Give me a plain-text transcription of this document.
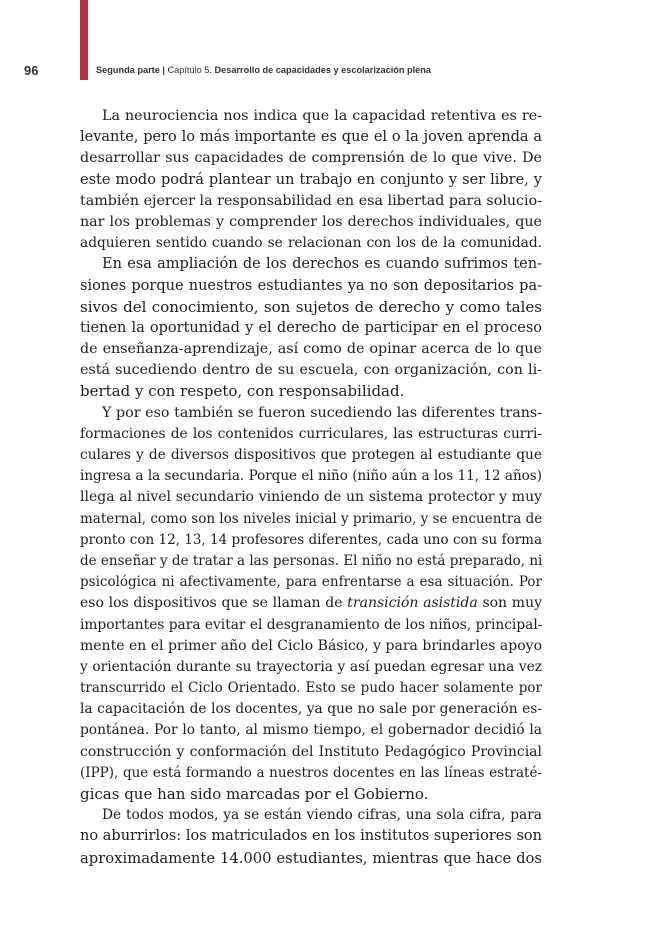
96	Segunda parte | Capítulo 5. Desarrollo de capacidades y escolarización plena
La neurociencia nos indica que la capacidad retentiva es re-
levante, pero lo más importante es que el o la joven aprenda a
desarrollar sus capacidades de comprensión de lo que vive. De
este modo podrá plantear un trabajo en conjunto y ser libre, y
también ejercer la responsabilidad en esa libertad para solucio-
nar los problemas y comprender los derechos individuales, que
adquieren sentido cuando se relacionan con los de la comunidad.
En esa ampliación de los derechos es cuando sufrimos ten-
siones porque nuestros estudiantes ya no son depositarios pa-
sivos del conocimiento, son sujetos de derecho y como tales
tienen la oportunidad y el derecho de participar en el proceso
de enseñanza-aprendizaje, así como de opinar acerca de lo que
está sucediendo dentro de su escuela, con organización, con li-
bertad y con respeto, con responsabilidad.
Y por eso también se fueron sucediendo las diferentes trans-
formaciones de los contenidos curriculares, las estructuras curri-
culares y de diversos dispositivos que protegen al estudiante que
ingresa a la secundaria. Porque el niño (niño aún a los 11, 12 años)
llega al nivel secundario viniendo de un sistema protector y muy
maternal, como son los niveles inicial y primario, y se encuentra de
pronto con 12, 13, 14 profesores diferentes, cada uno con su forma
de enseñar y de tratar a las personas. El niño no está preparado, ni
psicológica ni afectivamente, para enfrentarse a esa situación. Por
eso los dispositivos que se llaman de transición asistida son muy
importantes para evitar el desgranamiento de los niños, principal-
mente en el primer año del Ciclo Básico, y para brindarles apoyo
y orientación durante su trayectoria y así puedan egresar una vez
transcurrido el Ciclo Orientado. Esto se pudo hacer solamente por
la capacitación de los docentes, ya que no sale por generación es-
pontánea. Por lo tanto, al mismo tiempo, el gobernador decidió la
construcción y conformación del Instituto Pedagógico Provincial
(IPP), que está formando a nuestros docentes en las líneas estraté-
gicas que han sido marcadas por el Gobierno.
De todos modos, ya se están viendo cifras, una sola cifra, para
no aburrirlos: los matriculados en los institutos superiores son
aproximadamente 14.000 estudiantes, mientras que hace dos
